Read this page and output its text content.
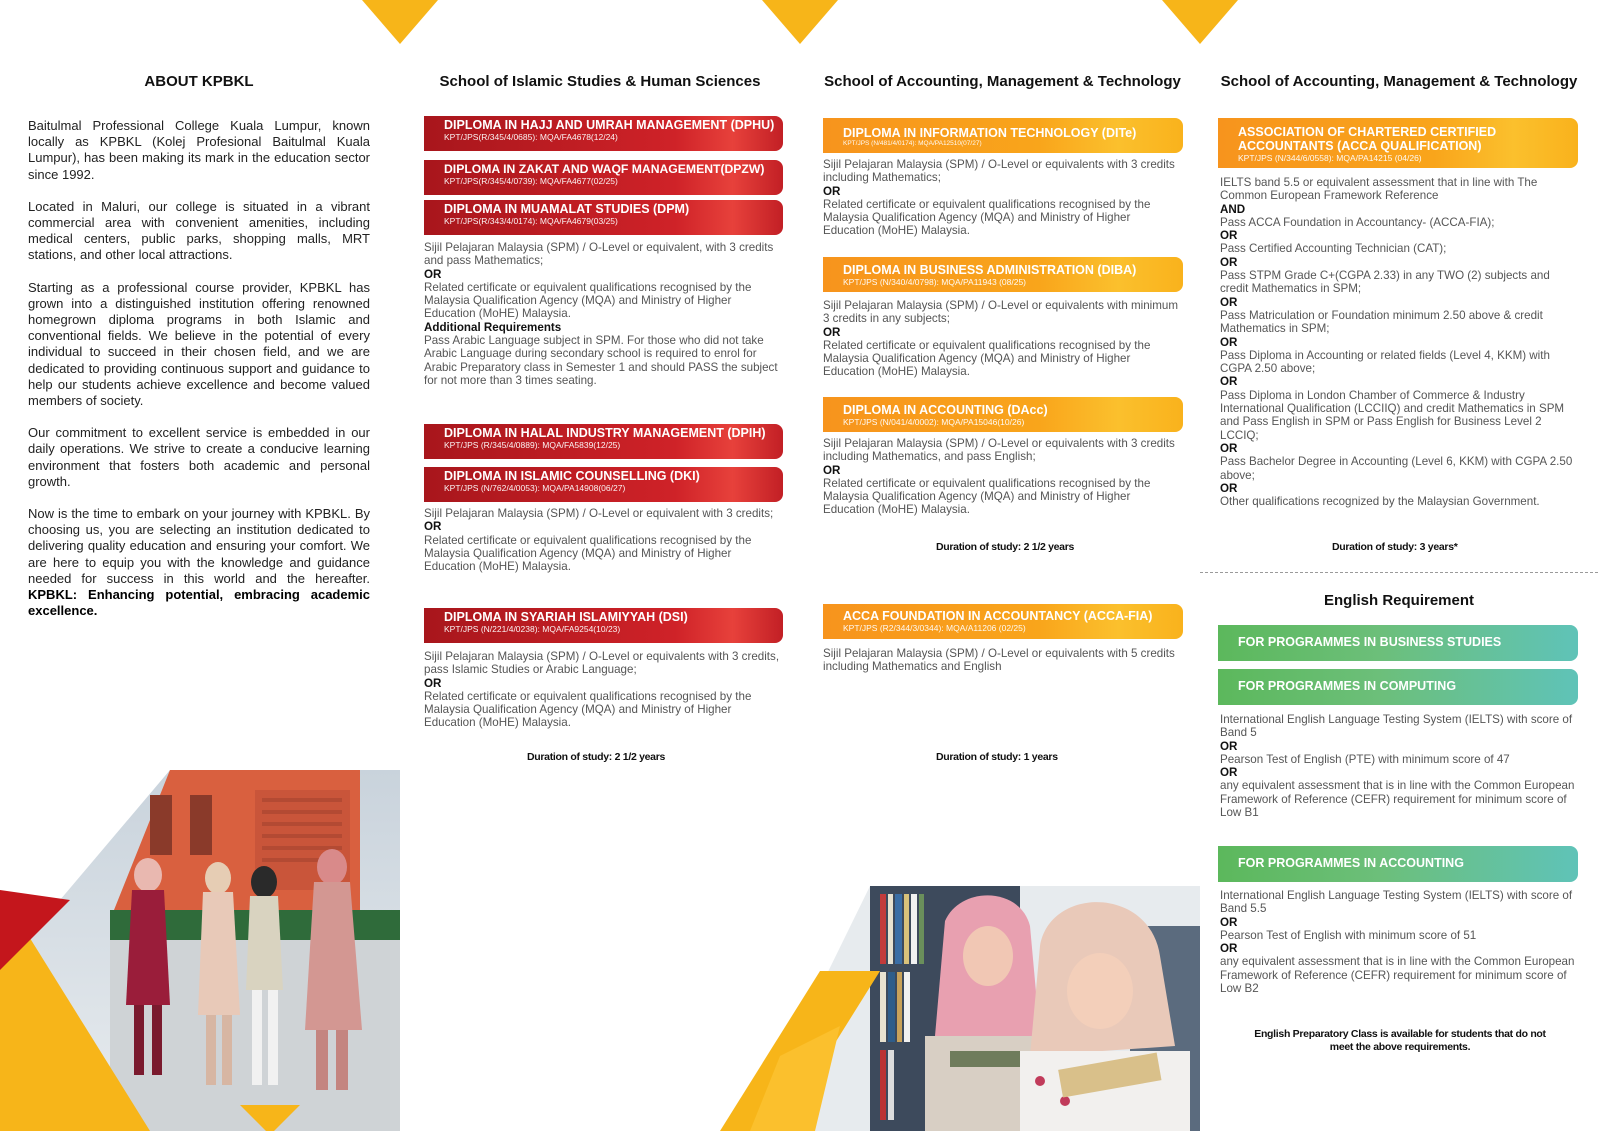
ABOUT KPBKL

Baitulmal Professional College Kuala Lumpur, known locally as KPBKL (Kolej Profesional Baitulmal Kuala Lumpur), has been making its mark in the education sector since 1992.

Located in Maluri, our college is situated in a vibrant commercial area with convenient amenities, including medical centers, public parks, shopping malls, MRT stations, and other local attractions.

Starting as a professional course provider, KPBKL has grown into a distinguished institution offering renowned homegrown diploma programs in both Islamic and conventional fields. We believe in the potential of every individual to succeed in their chosen field, and we are dedicated to providing continuous support and guidance to help our students achieve excellence and become valued members of society.

Our commitment to excellent service is embedded in our daily operations. We strive to create a conducive learning environment that fosters both academic and personal growth.

Now is the time to embark on your journey with KPBKL. By choosing us, you are selecting an institution dedicated to delivering quality education and ensuring your comfort. We are here to equip you with the knowledge and guidance needed for success in this world and the hereafter. KPBKL: Enhancing potential, embracing academic excellence.

School of Islamic Studies & Human Sciences
DIPLOMA IN HAJJ AND UMRAH MANAGEMENT (DPHU)
KPT/JPS(R/345/4/0685): MQA/FA4678(12/24)
DIPLOMA IN ZAKAT AND WAQF MANAGEMENT(DPZW)
KPT/JPS(R/345/4/0739): MQA/FA4677(02/25)
DIPLOMA IN MUAMALAT STUDIES (DPM)
KPT/JPS(R/343/4/0174): MQA/FA4679(03/25)
Sijil Pelajaran Malaysia (SPM) / O-Level or equivalent, with 3 credits and pass Mathematics;
OR
Related certificate or equivalent qualifications recognised by the Malaysia Qualification Agency (MQA) and Ministry of Higher Education (MoHE) Malaysia.
Additional Requirements
Pass Arabic Language subject in SPM. For those who did not take Arabic Language during secondary school is required to enrol for Arabic Preparatory class in Semester 1 and should PASS the subject for not more than 3 times seating.
DIPLOMA IN HALAL INDUSTRY MANAGEMENT (DPIH)
KPT/JPS (R/345/4/0889): MQA/FA5839(12/25)
DIPLOMA IN ISLAMIC COUNSELLING (DKI)
KPT/JPS (N/762/4/0053): MQA/PA14908(06/27)
Sijil Pelajaran Malaysia (SPM) / O-Level or equivalent with 3 credits;
OR
Related certificate or equivalent qualifications recognised by the Malaysia Qualification Agency (MQA) and Ministry of Higher Education (MoHE) Malaysia.
DIPLOMA IN SYARIAH ISLAMIYYAH (DSI)
KPT/JPS (N/221/4/0238): MQA/FA9254(10/23)
Sijil Pelajaran Malaysia (SPM) / O-Level or equivalents with 3 credits, pass Islamic Studies or Arabic Language;
OR
Related certificate or equivalent qualifications recognised by the Malaysia Qualification Agency (MQA) and Ministry of Higher Education (MoHE) Malaysia.
Duration of study: 2 1/2 years
School of Accounting, Management & Technology
DIPLOMA IN INFORMATION TECHNOLOGY (DITe)
KPT/JPS (N/481/4/0174): MQA/PA12510(07/27)
Sijil Pelajaran Malaysia (SPM) / O-Level or equivalents with 3 credits including Mathematics;
OR
Related certificate or equivalent qualifications recognised by the Malaysia Qualification Agency (MQA) and Ministry of Higher Education (MoHE) Malaysia.
DIPLOMA IN BUSINESS ADMINISTRATION (DIBA)
KPT/JPS (N/340/4/0798): MQA/PA11943 (08/25)
Sijil Pelajaran Malaysia (SPM) / O-Level or equivalents with minimum 3 credits in any subjects;
OR
Related certificate or equivalent qualifications recognised by the Malaysia Qualification Agency (MQA) and Ministry of Higher Education (MoHE) Malaysia.
DIPLOMA IN ACCOUNTING (DAcc)
KPT/JPS (N/041/4/0002): MQA/PA15046(10/26)
Sijil Pelajaran Malaysia (SPM) / O-Level or equivalents with 3 credits including Mathematics, and pass English;
OR
Related certificate or equivalent qualifications recognised by the Malaysia Qualification Agency (MQA) and Ministry of Higher Education (MoHE) Malaysia.
Duration of study: 2 1/2 years
ACCA FOUNDATION IN ACCOUNTANCY (ACCA-FIA)
KPT/JPS (R2/344/3/0344): MQA/A11206 (02/25)
Sijil Pelajaran Malaysia (SPM) / O-Level or equivalents with 5 credits including Mathematics and English
Duration of study: 1 years
School of Accounting, Management & Technology
ASSOCIATION OF CHARTERED CERTIFIED
ACCOUNTANTS (ACCA QUALIFICATION)
KPT/JPS (N/344/6/0558): MQA/PA14215 (04/26)
IELTS band 5.5 or equivalent assessment that in line with The Common European Framework Reference
AND
Pass ACCA Foundation in Accountancy- (ACCA-FIA);
OR
Pass Certified Accounting Technician (CAT);
OR
Pass STPM Grade C+(CGPA 2.33) in any TWO (2) subjects and credit Mathematics in SPM;
OR
Pass Matriculation or Foundation minimum 2.50 above & credit Mathematics in SPM;
OR
Pass Diploma in Accounting or related fields (Level 4, KKM) with CGPA 2.50 above;
OR
Pass Diploma in London Chamber of Commerce & Industry International Qualification (LCCIIQ) and credit Mathematics in SPM and Pass English in SPM or Pass English for Business Level 2 LCCIQ;
OR
Pass Bachelor Degree in Accounting (Level 6, KKM) with CGPA 2.50 above;
OR
Other qualifications recognized by the Malaysian Government.
Duration of study: 3 years*
English Requirement
FOR PROGRAMMES IN BUSINESS STUDIES
FOR PROGRAMMES IN COMPUTING
International English Language Testing System (IELTS) with score of Band 5
OR
Pearson Test of English (PTE) with minimum score of 47
OR
any equivalent assessment that is in line with the Common European Framework of Reference (CEFR) requirement for minimum score of Low B1
FOR PROGRAMMES IN ACCOUNTING
International English Language Testing System (IELTS) with score of Band 5.5
OR
Pearson Test of English with minimum score of 51
OR
any equivalent assessment that is in line with the Common European Framework of Reference (CEFR) requirement for minimum score of Low B2
English Preparatory Class is available for students that do not meet the above requirements.
